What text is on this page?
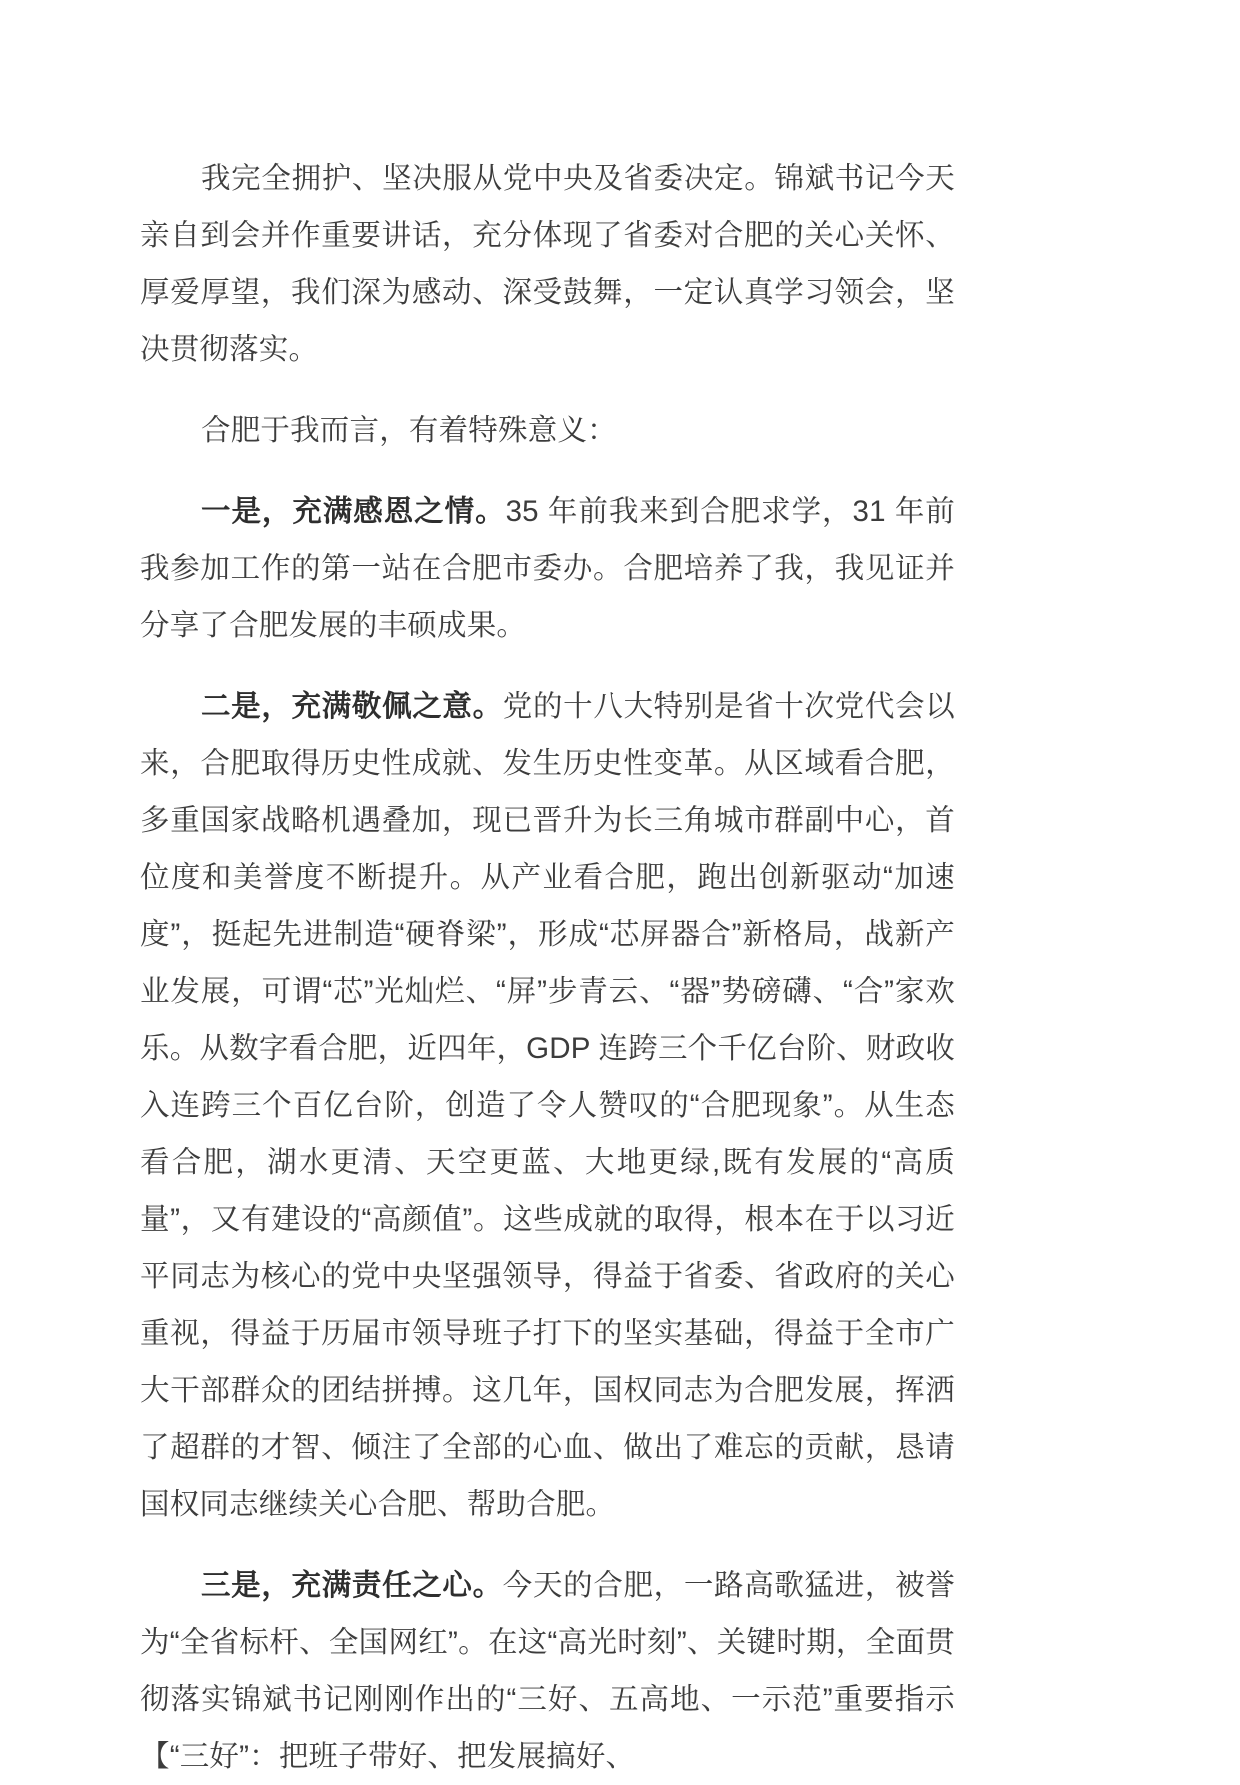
我完全拥护、坚决服从党中央及省委决定。锦斌书记今天亲自到会并作重要讲话，充分体现了省委对合肥的关心关怀、厚爱厚望，我们深为感动、深受鼓舞，一定认真学习领会，坚决贯彻落实。

合肥于我而言，有着特殊意义：

一是，充满感恩之情。35 年前我来到合肥求学，31 年前我参加工作的第一站在合肥市委办。合肥培养了我，我见证并分享了合肥发展的丰硕成果。

二是，充满敬佩之意。党的十八大特别是省十次党代会以来，合肥取得历史性成就、发生历史性变革。从区域看合肥，多重国家战略机遇叠加，现已晋升为长三角城市群副中心，首位度和美誉度不断提升。从产业看合肥，跑出创新驱动“加速度”，挺起先进制造“硬脊梁”，形成“芯屏器合”新格局，战新产业发展，可谓“芯”光灿烂、“屏”步青云、“器”势磅礴、“合”家欢乐。从数字看合肥，近四年，GDP 连跨三个千亿台阶、财政收入连跨三个百亿台阶，创造了令人赞叹的“合肥现象”。从生态看合肥，湖水更清、天空更蓝、大地更绿,既有发展的“高质量”，又有建设的“高颜值”。这些成就的取得，根本在于以习近平同志为核心的党中央坚强领导，得益于省委、省政府的关心重视，得益于历届市领导班子打下的坚实基础，得益于全市广大干部群众的团结拼搏。这几年，国权同志为合肥发展，挥洒了超群的才智、倾注了全部的心血、做出了难忘的贡献，恳请国权同志继续关心合肥、帮助合肥。

三是，充满责任之心。今天的合肥，一路高歌猛进，被誉为“全省标杆、全国网红”。在这“高光时刻”、关键时期，全面贯彻落实锦斌书记刚刚作出的“三好、五高地、一示范”重要指示【“三好”：把班子带好、把发展搞好、
